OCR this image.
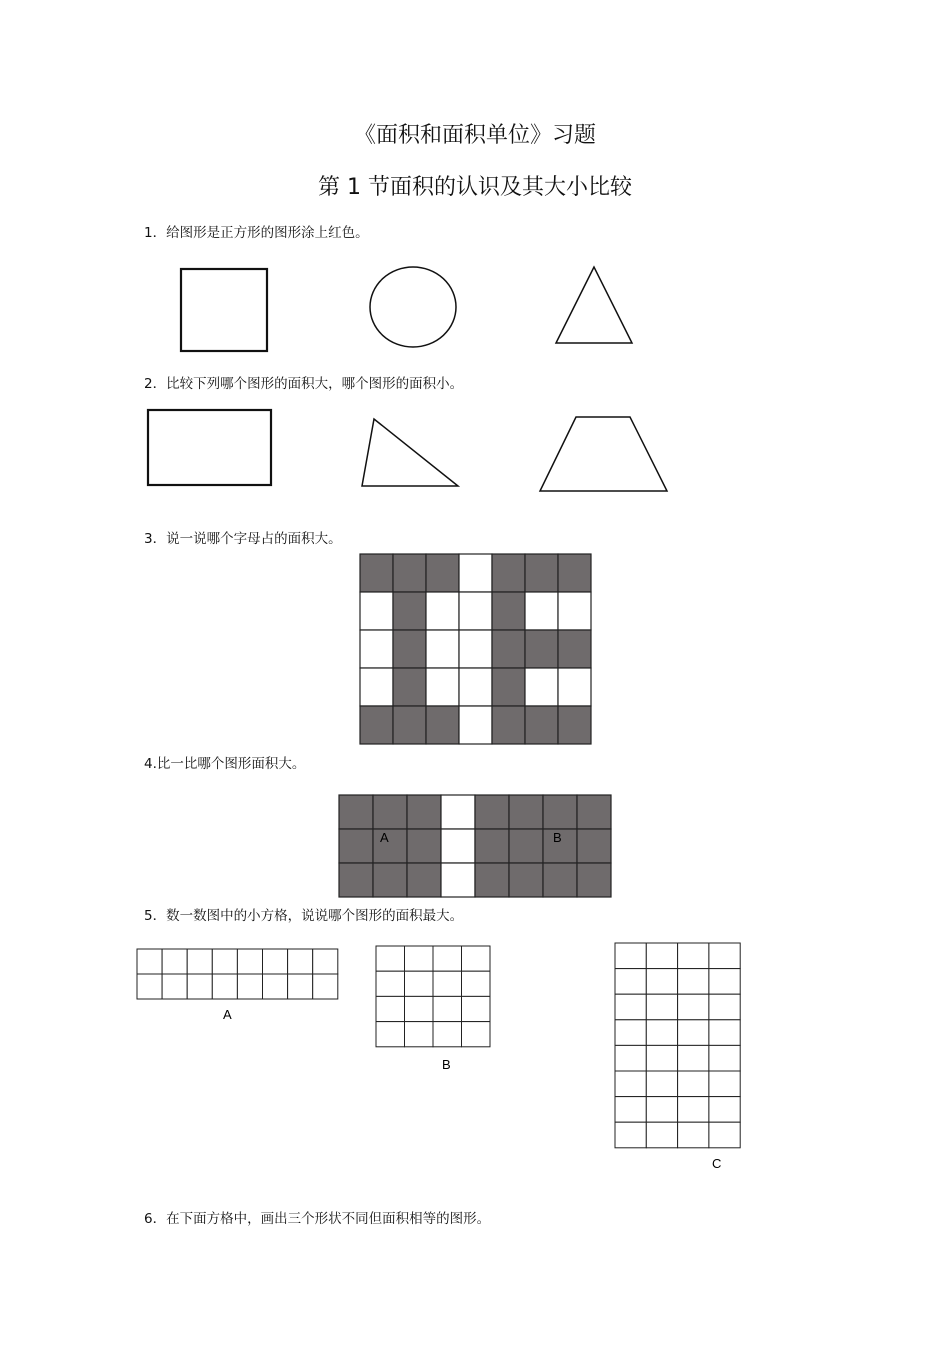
《面积和面积单位》习题
第 1 节面积的认识及其大小比较
1．给图形是正方形的图形涂上红色。
2．比较下列哪个图形的面积大，哪个图形的面积小。
3．说一说哪个字母占的面积大。
4.比一比哪个图形面积大。
5．数一数图中的小方格，说说哪个图形的面积最大。
6．在下面方格中，画出三个形状不同但面积相等的图形。
A	B
A
B
C
